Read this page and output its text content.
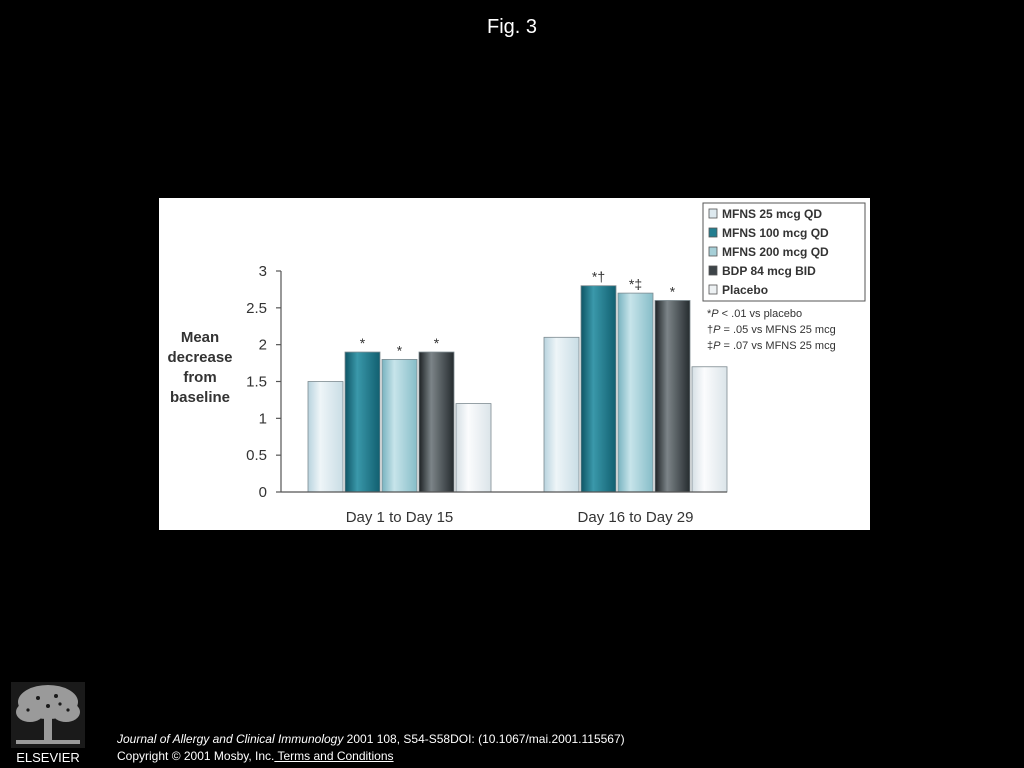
Fig. 3
Mean
decrease
from
baseline
0
0.5
1
1.5
2
2.5
3
* * *
*† *‡ *
Day 1 to Day 15	Day 16 to Day 29
MFNS 25 mcg QD
MFNS 100 mcg QD
MFNS 200 mcg QD
BDP 84 mcg BID
Placebo
*P < .01 vs placebo
†P = .05 vs MFNS 25 mcg
‡P = .07 vs MFNS 25 mcg
ELSEVIER
Journal of Allergy and Clinical Immunology 2001 108, S54-S58DOI: (10.1067/mai.2001.115567)
Copyright © 2001 Mosby, Inc. Terms and Conditions
